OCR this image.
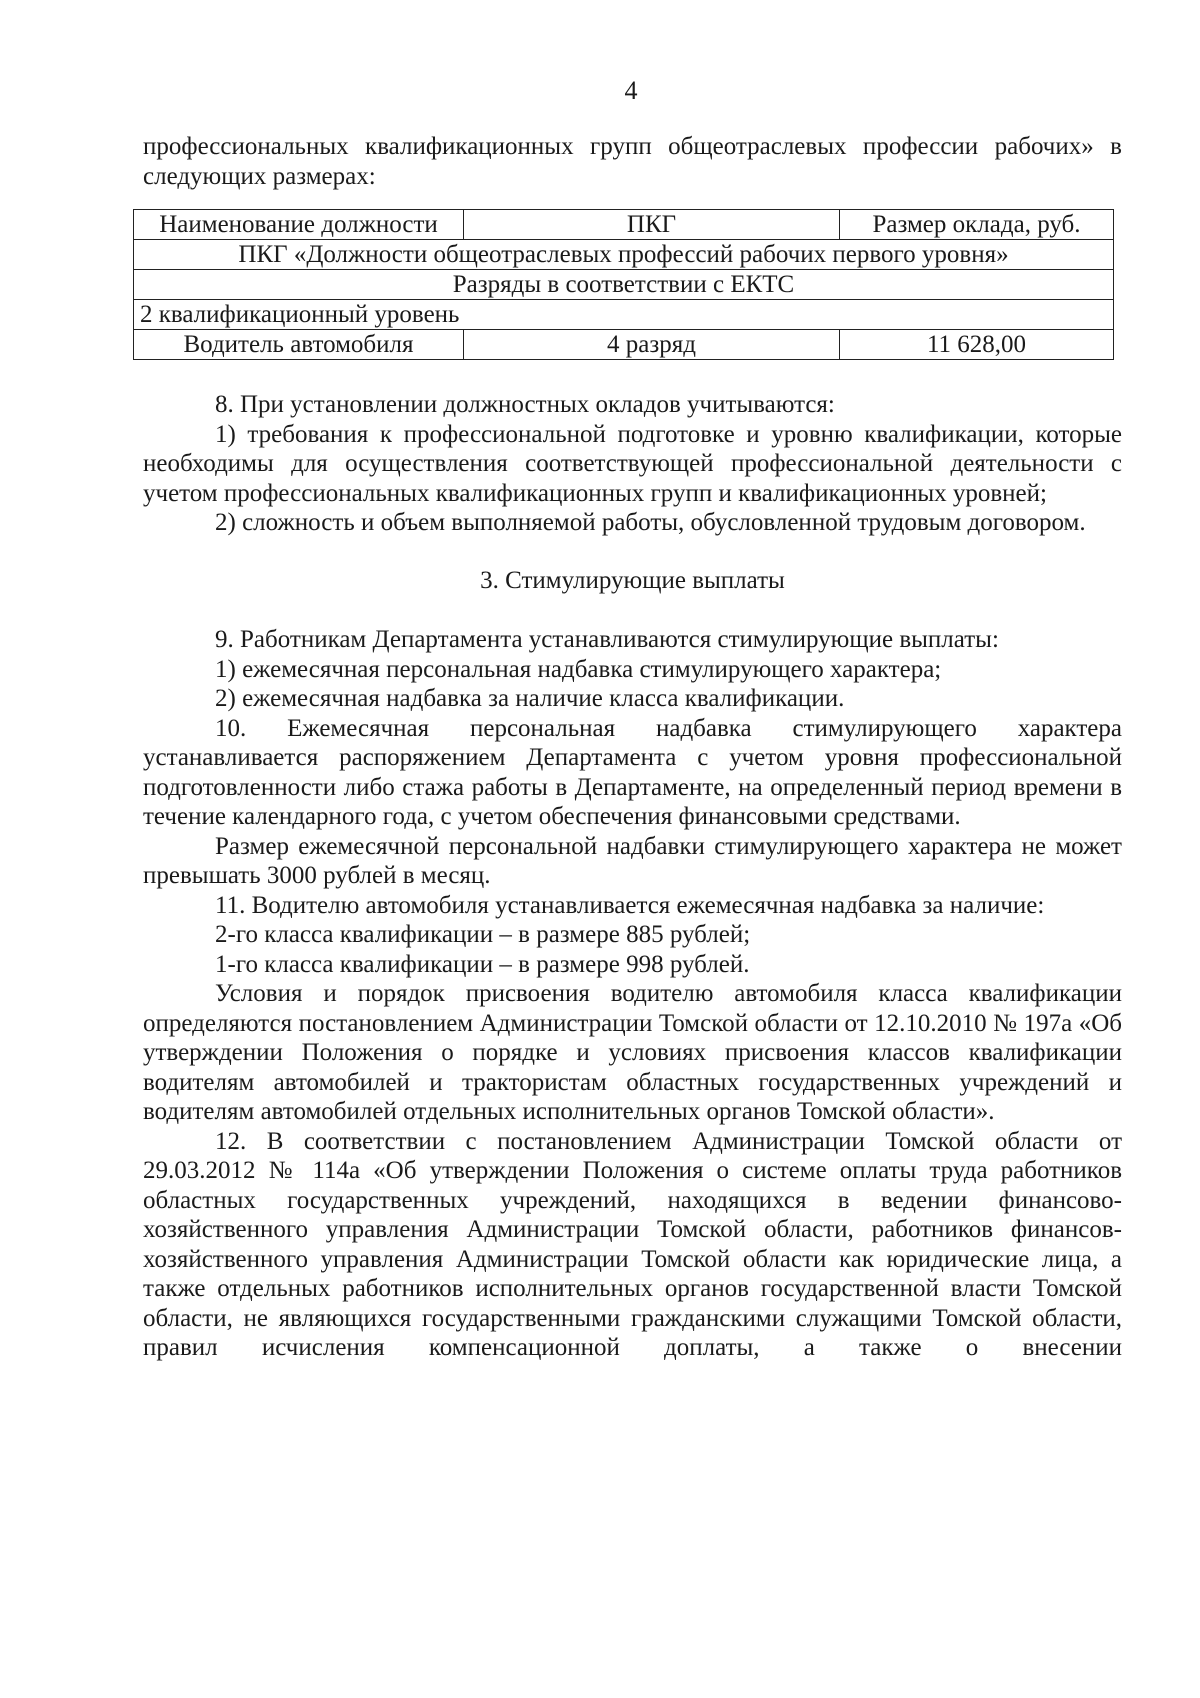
4

профессиональных квалификационных групп общеотраслевых профессии рабочих» в следующих размерах:

Наименование должности	ПКГ	Размер оклада, руб.
ПКГ «Должности общеотраслевых профессий рабочих первого уровня»		
Разряды в соответствии с ЕКТС		
2 квалификационный уровень		
Водитель автомобиля	4 разряд	11 628,00

8. При установлении должностных окладов учитываются:

1) требования к профессиональной подготовке и уровню квалификации, которые необходимы для осуществления соответствующей профессиональной деятельности с учетом профессиональных квалификационных групп и квалификационных уровней;

2) сложность и объем выполняемой работы, обусловленной трудовым договором.

3. Стимулирующие выплаты

9. Работникам Департамента устанавливаются стимулирующие выплаты:

1) ежемесячная персональная надбавка стимулирующего характера;

2) ежемесячная надбавка за наличие класса квалификации.

10. Ежемесячная персональная надбавка стимулирующего характера устанавливается распоряжением Департамента с учетом уровня профессиональной подготовленности либо стажа работы в Департаменте, на определенный период времени в течение календарного года, с учетом обеспечения финансовыми средствами.

Размер ежемесячной персональной надбавки стимулирующего характера не может превышать 3000 рублей в месяц.

11. Водителю автомобиля устанавливается ежемесячная надбавка за наличие:

2-го класса квалификации – в размере 885 рублей;

1-го класса квалификации – в размере 998 рублей.

Условия и порядок присвоения водителю автомобиля класса квалификации определяются постановлением Администрации Томской области от 12.10.2010 № 197а «Об утверждении Положения о порядке и условиях присвоения классов квалификации водителям автомобилей и трактористам областных государственных учреждений и водителям автомобилей отдельных исполнительных органов Томской области».

12. В соответствии с постановлением Администрации Томской области от 29.03.2012 № 114а «Об утверждении Положения о системе оплаты труда работников областных государственных учреждений, находящихся в ведении финансово-хозяйственного управления Администрации Томской области, работников финансов-хозяйственного управления Администрации Томской области как юридические лица, а также отдельных работников исполнительных органов государственной власти Томской области, не являющихся государственными гражданскими служащими Томской области, правил исчисления компенсационной доплаты, а также о внесении
